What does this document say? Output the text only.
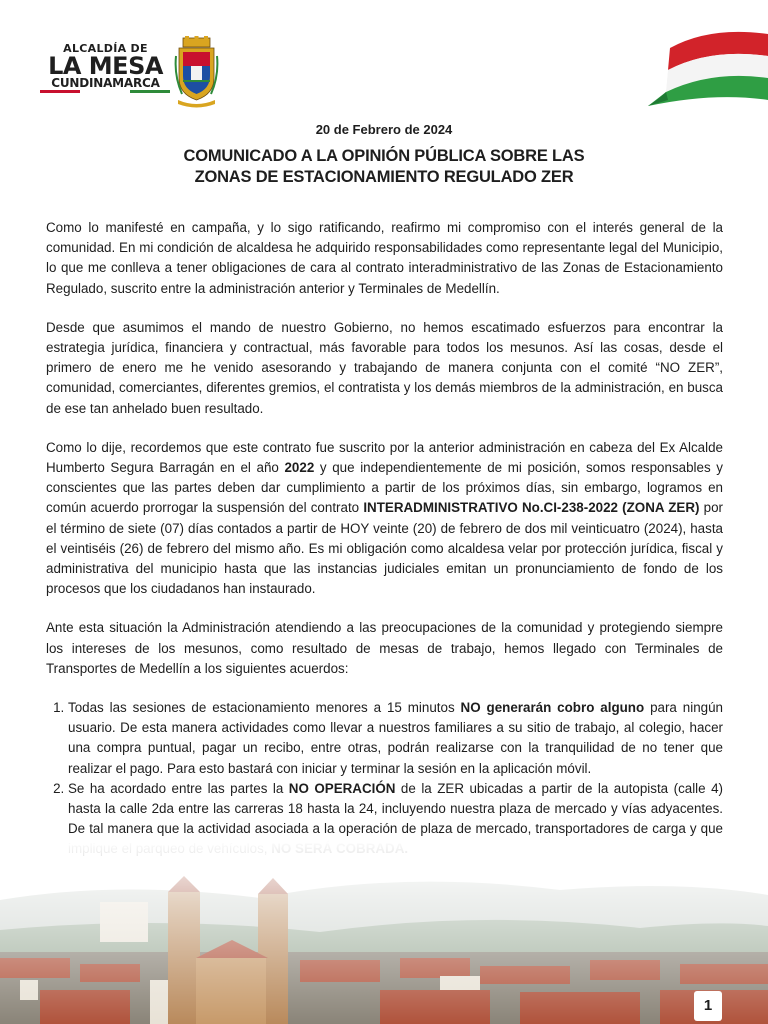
ALCALDÍA DE
LA MESA
CUNDINAMARCA
20 de Febrero de 2024
COMUNICADO A LA OPINIÓN PÚBLICA SOBRE LAS
ZONAS DE ESTACIONAMIENTO REGULADO ZER

Como lo manifesté en campaña, y lo sigo ratificando, reafirmo mi compromiso con el interés general de la comunidad. En mi condición de alcaldesa he adquirido responsabilidades como representante legal del Municipio, lo que me conlleva a tener obligaciones de cara al contrato interadministrativo de las Zonas de Estacionamiento Regulado, suscrito entre la administración anterior y Terminales de Medellín.

Desde que asumimos el mando de nuestro Gobierno, no hemos escatimado esfuerzos para encontrar la estrategia jurídica, financiera y contractual, más favorable para todos los mesunos. Así las cosas, desde el primero de enero me he venido asesorando y trabajando de manera conjunta con el comité “NO ZER”, comunidad, comerciantes, diferentes gremios, el contratista y los demás miembros de la administración, en busca de ese tan anhelado buen resultado.

Como lo dije, recordemos que este contrato fue suscrito por la anterior administración en cabeza del Ex Alcalde Humberto Segura Barragán en el año 2022 y que independientemente de mi posición, somos responsables y conscientes que las partes deben dar cumplimiento a partir de los próximos días, sin embargo, logramos en común acuerdo prorrogar la suspensión del contrato INTERADMINISTRATIVO No.CI-238-2022 (ZONA ZER) por el término de siete (07) días contados a partir de HOY veinte (20) de febrero de dos mil veinticuatro (2024), hasta el veintiséis (26) de febrero del mismo año. Es mi obligación como alcaldesa velar por protección jurídica, fiscal y administrativa del municipio hasta que las instancias judiciales emitan un pronunciamiento de fondo de los procesos que los ciudadanos han instaurado.

Ante esta situación la Administración atendiendo a las preocupaciones de la comunidad y protegiendo siempre los intereses de los mesunos, como resultado de mesas de trabajo, hemos llegado con Terminales de Transportes de Medellín a los siguientes acuerdos:

1. Todas las sesiones de estacionamiento menores a 15 minutos NO generarán cobro alguno para ningún usuario. De esta manera actividades como llevar a nuestros familiares a su sitio de trabajo, al colegio, hacer una compra puntual, pagar un recibo, entre otras, podrán realizarse con la tranquilidad de no tener que realizar el pago. Para esto bastará con iniciar y terminar la sesión en la aplicación móvil.
2. Se ha acordado entre las partes la NO OPERACIÓN de la ZER ubicadas a partir de la autopista (calle 4) hasta la calle 2da entre las carreras 18 hasta la 24, incluyendo nuestra plaza de mercado y vías adyacentes. De tal manera que la actividad asociada a la operación de plaza de mercado, transportadores de carga y que
1
